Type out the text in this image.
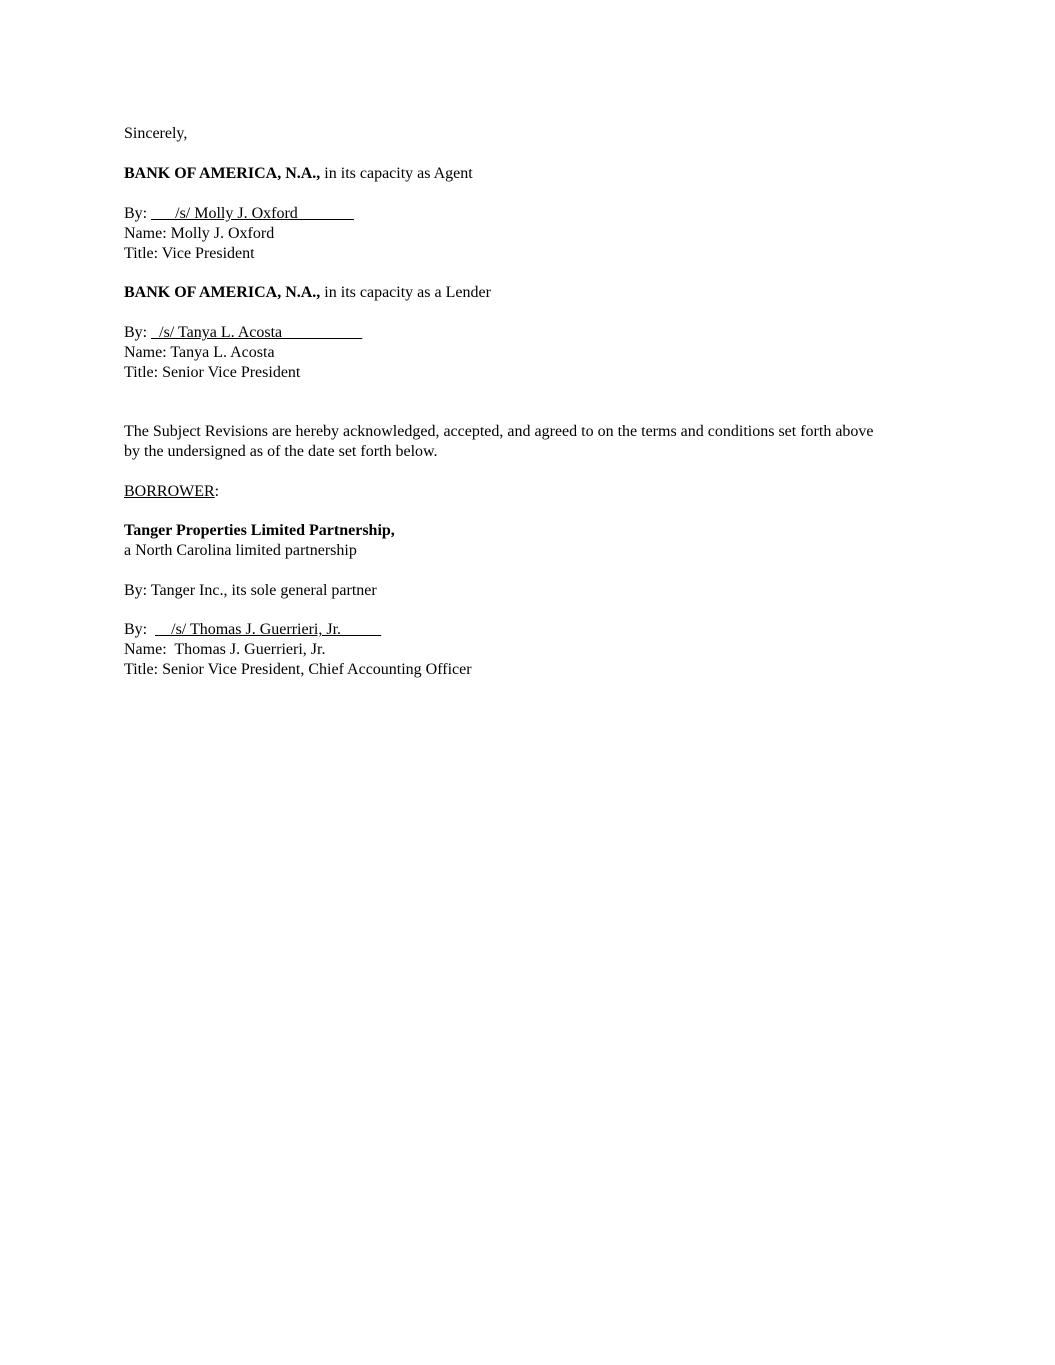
Sincerely,
BANK OF AMERICA, N.A., in its capacity as Agent
By: ___/s/ Molly J. Oxford_______
Name: Molly J. Oxford
Title: Vice President
BANK OF AMERICA, N.A., in its capacity as a Lender
By: _/s/ Tanya L. Acosta__________
Name: Tanya L. Acosta
Title: Senior Vice President
The Subject Revisions are hereby acknowledged, accepted, and agreed to on the terms and conditions set forth above
by the undersigned as of the date set forth below.
BORROWER:
Tanger Properties Limited Partnership,
a North Carolina limited partnership
By: Tanger Inc., its sole general partner
By:  __/s/ Thomas J. Guerrieri, Jr._____
Name:  Thomas J. Guerrieri, Jr.
Title: Senior Vice President, Chief Accounting Officer
